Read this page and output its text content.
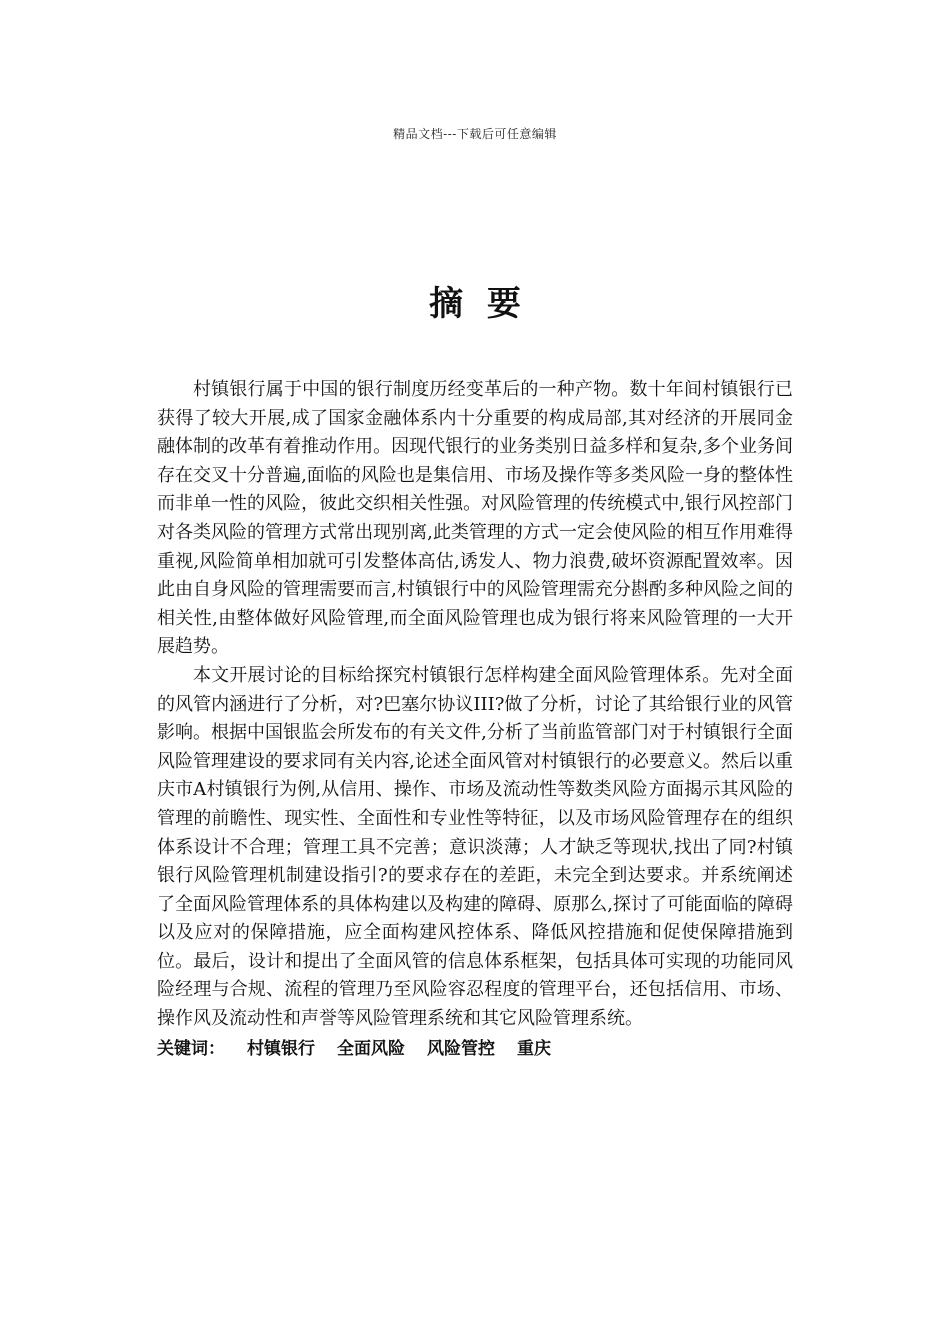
精品文档---下载后可任意编辑
摘要

村镇银行属于中国的银行制度历经变革后的一种产物。数十年间村镇银行已获得了较大开展,成了国家金融体系内十分重要的构成局部,其对经济的开展同金融体制的改革有着推动作用。因现代银行的业务类别日益多样和复杂,多个业务间存在交叉十分普遍,面临的风险也是集信用、市场及操作等多类风险一身的整体性而非单一性的风险，彼此交织相关性强。对风险管理的传统模式中,银行风控部门对各类风险的管理方式常出现别离,此类管理的方式一定会使风险的相互作用难得重视,风险简单相加就可引发整体高估,诱发人、物力浪费,破坏资源配置效率。因此由自身风险的管理需要而言,村镇银行中的风险管理需充分斟酌多种风险之间的相关性,由整体做好风险管理,而全面风险管理也成为银行将来风险管理的一大开展趋势。

本文开展讨论的目标给探究村镇银行怎样构建全面风险管理体系。先对全面的风管内涵进行了分析，对?巴塞尔协议III?做了分析，讨论了其给银行业的风管影响。根据中国银监会所发布的有关文件,分析了当前监管部门对于村镇银行全面风险管理建设的要求同有关内容,论述全面风管对村镇银行的必要意义。然后以重庆市A村镇银行为例,从信用、操作、市场及流动性等数类风险方面揭示其风险的管理的前瞻性、现实性、全面性和专业性等特征，以及市场风险管理存在的组织体系设计不合理；管理工具不完善；意识淡薄；人才缺乏等现状,找出了同?村镇银行风险管理机制建设指引?的要求存在的差距，未完全到达要求。并系统阐述了全面风险管理体系的具体构建以及构建的障碍、原那么,探讨了可能面临的障碍以及应对的保障措施，应全面构建风控体系、降低风控措施和促使保障措施到位。最后，设计和提出了全面风管的信息体系框架，包括具体可实现的功能同风险经理与合规、流程的管理乃至风险容忍程度的管理平台，还包括信用、市场、操作风及流动性和声誉等风险管理系统和其它风险管理系统。

关键词： 村镇银行 全面风险 风险管控 重庆
